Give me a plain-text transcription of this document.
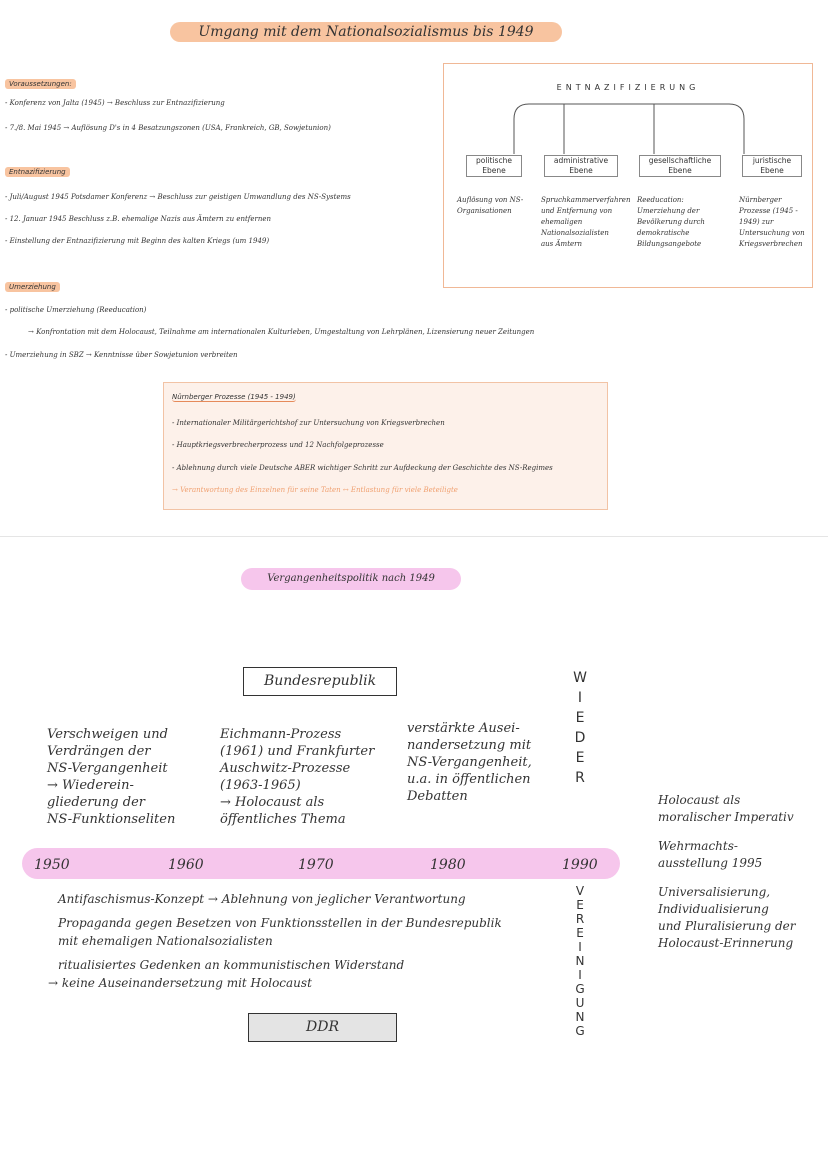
Umgang mit dem Nationalsozialismus bis 1949
Voraussetzungen:
- Konferenz von Jalta (1945) → Beschluss zur Entnazifizierung
- 7./8. Mai 1945 → Auflösung D's in 4 Besatzungszonen (USA, Frankreich, GB, Sowjetunion)
Entnazifizierung
- Juli/August 1945 Potsdamer Konferenz → Beschluss zur geistigen Umwandlung des NS-Systems
- 12. Januar 1945 Beschluss z.B. ehemalige Nazis aus Ämtern zu entfernen
- Einstellung der Entnazifizierung mit Beginn des kalten Kriegs (um 1949)
Umerziehung
- politische Umerziehung (Reeducation)
→ Konfrontation mit dem Holocaust, Teilnahme am internationalen Kulturleben, Umgestaltung von Lehrplänen, Lizensierung neuer Zeitungen
- Umerziehung in SBZ → Kenntnisse über Sowjetunion verbreiten
ENTNAZIFIZIERUNG
politische Ebene
administrative Ebene
gesellschaftliche Ebene
juristische Ebene
Auflösung von NS-Organisationen
Spruchkammerverfahren und Entfernung von ehemaligen Nationalsozialisten aus Ämtern
Reeducation: Umerziehung der Bevölkerung durch demokratische Bildungsangebote
Nürnberger Prozesse (1945 - 1949) zur Untersuchung von Kriegsverbrechen
Nürnberger Prozesse (1945 - 1949)
- Internationaler Militärgerichtshof zur Untersuchung von Kriegsverbrechen
- Hauptkriegsverbrecherprozess und 12 Nachfolgeprozesse
- Ablehnung durch viele Deutsche ABER wichtiger Schritt zur Aufdeckung der Geschichte des NS-Regimes
→ Verantwortung des Einzelnen für seine Taten ↔ Entlastung für viele Beteiligte
Vergangenheitspolitik nach 1949
Bundesrepublik
Verschweigen und
Verdrängen der
NS-Vergangenheit
→ Wiederein-
gliederung der
NS-Funktionseliten
Eichmann-Prozess
(1961) und Frankfurter
Auschwitz-Prozesse
(1963-1965)
→ Holocaust als
öffentliches Thema
verstärkte Ausei-
nandersetzung mit
NS-Vergangenheit,
u.a. in öffentlichen
Debatten
W
I
E
D
E
R
1950	1960	1970	1980	1990
V
E
R
E
I
N
I
G
U
N
G
Holocaust als
moralischer Imperativ
Wehrmachts-
ausstellung 1995
Universalisierung,
Individualisierung
und Pluralisierung der
Holocaust-Erinnerung
Antifaschismus-Konzept → Ablehnung von jeglicher Verantwortung
Propaganda gegen Besetzen von Funktionsstellen in der Bundesrepublik
mit ehemaligen Nationalsozialisten
ritualisiertes Gedenken an kommunistischen Widerstand
→ keine Auseinandersetzung mit Holocaust
DDR
